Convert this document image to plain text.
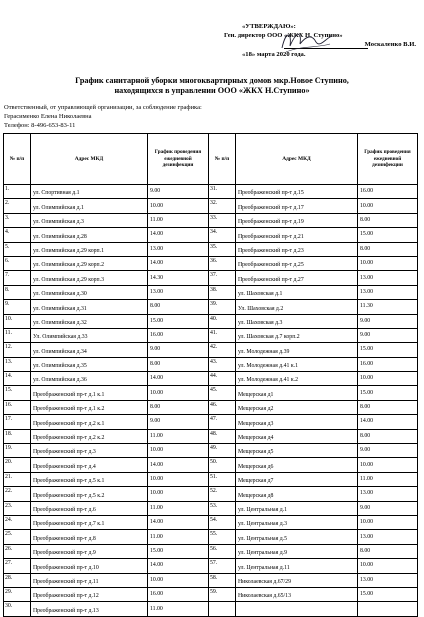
«УТВЕРЖДАЮ»:
Ген. директор ООО «ЖКХ Н. Ступино»
Москаленко В.И.
«18» марта 2020 года.
График санитарной уборки многоквартирных домов мкр.Новое Ступино,
находящихся в управлении ООО «ЖКХ Н.Ступино»
Ответственный, от управляющей организации, за соблюдение графика:
Герасименко Елена Николаевна
Телефон: 8-496-653-83-11
№ п/п	Адрес МКД	График проведения ежедневной дезинфекции	№ п/п	Адрес МКД	График проведения ежедневной дезинфекции
1.	ул. Спортивная д.1	9.00	31.	Преображенский пр-т д.15	16.00
2.	ул. Олимпийская д.1	10.00	32.	Преображенский пр-т д.17	10.00
3.	ул. Олимпийская д.3	11.00	33.	Преображенский пр-т д.19	8.00
4.	ул. Олимпийская д.28	14.00	34.	Преображенский пр-т д.21	15.00
5.	ул. Олимпийская д.29 корп.1	13.00	35.	Преображенский пр-т д.23	8.00
6.	ул. Олимпийская д.29 корп.2	14.00	36.	Преображенский пр-т д.25	10.00
7.	ул. Олимпийская д.29 корп.3	14.30	37.	Преображенский пр-т д.27	13.00
8.	ул. Олимпийская д.30	13.00	38.	ул. Шаховская д.1	13.00
9.	ул. Олимпийская д.31	8.00	39.	Ул. Шаховская д.2	11.30
10.	ул. Олимпийская д.32	15.00	40.	ул. Шаховская д.3	9.00
11.	Ул. Олимпийская д.33	16.00	41.	ул. Шаховская д.7 корп.2	9.00
12.	ул. Олимпийская д.34	9.00	42.	ул. Молодежная д.39	15.00
13.	ул. Олимпийская д.35	8.00	43.	ул. Молодежная д.41 к.1	16.00
14.	ул. Олимпийская д.36	14.00	44.	ул. Молодежная д.41 к.2	10.00
15.	Преображенский пр-т д.1 к.1	10.00	45.	Мещерская д1	15.00
16.	Преображенский пр-т д.1 к.2	8.00	46.	Мещерская д2	8.00
17.	Преображенский пр-т д.2 к.1	9.00	47.	Мещерская д3	14.00
18.	Преображенский пр-т д.2 к.2	11.00	48.	Мещерская д4	8.00
19.	Преображенский пр-т д.3	10.00	49.	Мещерская д5	9.00
20.	Преображенский пр-т д.4	14.00	50.	Мещерская д6	10.00
21.	Преображенский пр-т д.5 к.1	10.00	51.	Мещерская д7	11.00
22.	Преображенский пр-т д.5 к.2	10.00	52.	Мещерская д8	13.00
23.	Преображенский пр-т д.6	11.00	53.	ул. Центральная д.1	9.00
24.	Преображенский пр-т д.7 к.1	14.00	54.	ул. Центральная д.3	10.00
25.	Преображенский пр-т д.8	11.00	55.	ул. Центральная д.5	13.00
26.	Преображенский пр-т д.9	15.00	56.	ул. Центральная д.9	8.00
27.	Преображенский пр-т д.10	14.00	57.	ул. Центральная д.11	10.00
28.	Преображенский пр-т д.11	10.00	58.	Николаевская д.67/29	13.00
29.	Преображенский пр-т д.12	16.00	59.	Николаевская д.65/13	15.00
30.	Преображенский пр-т д.13	11.00			
